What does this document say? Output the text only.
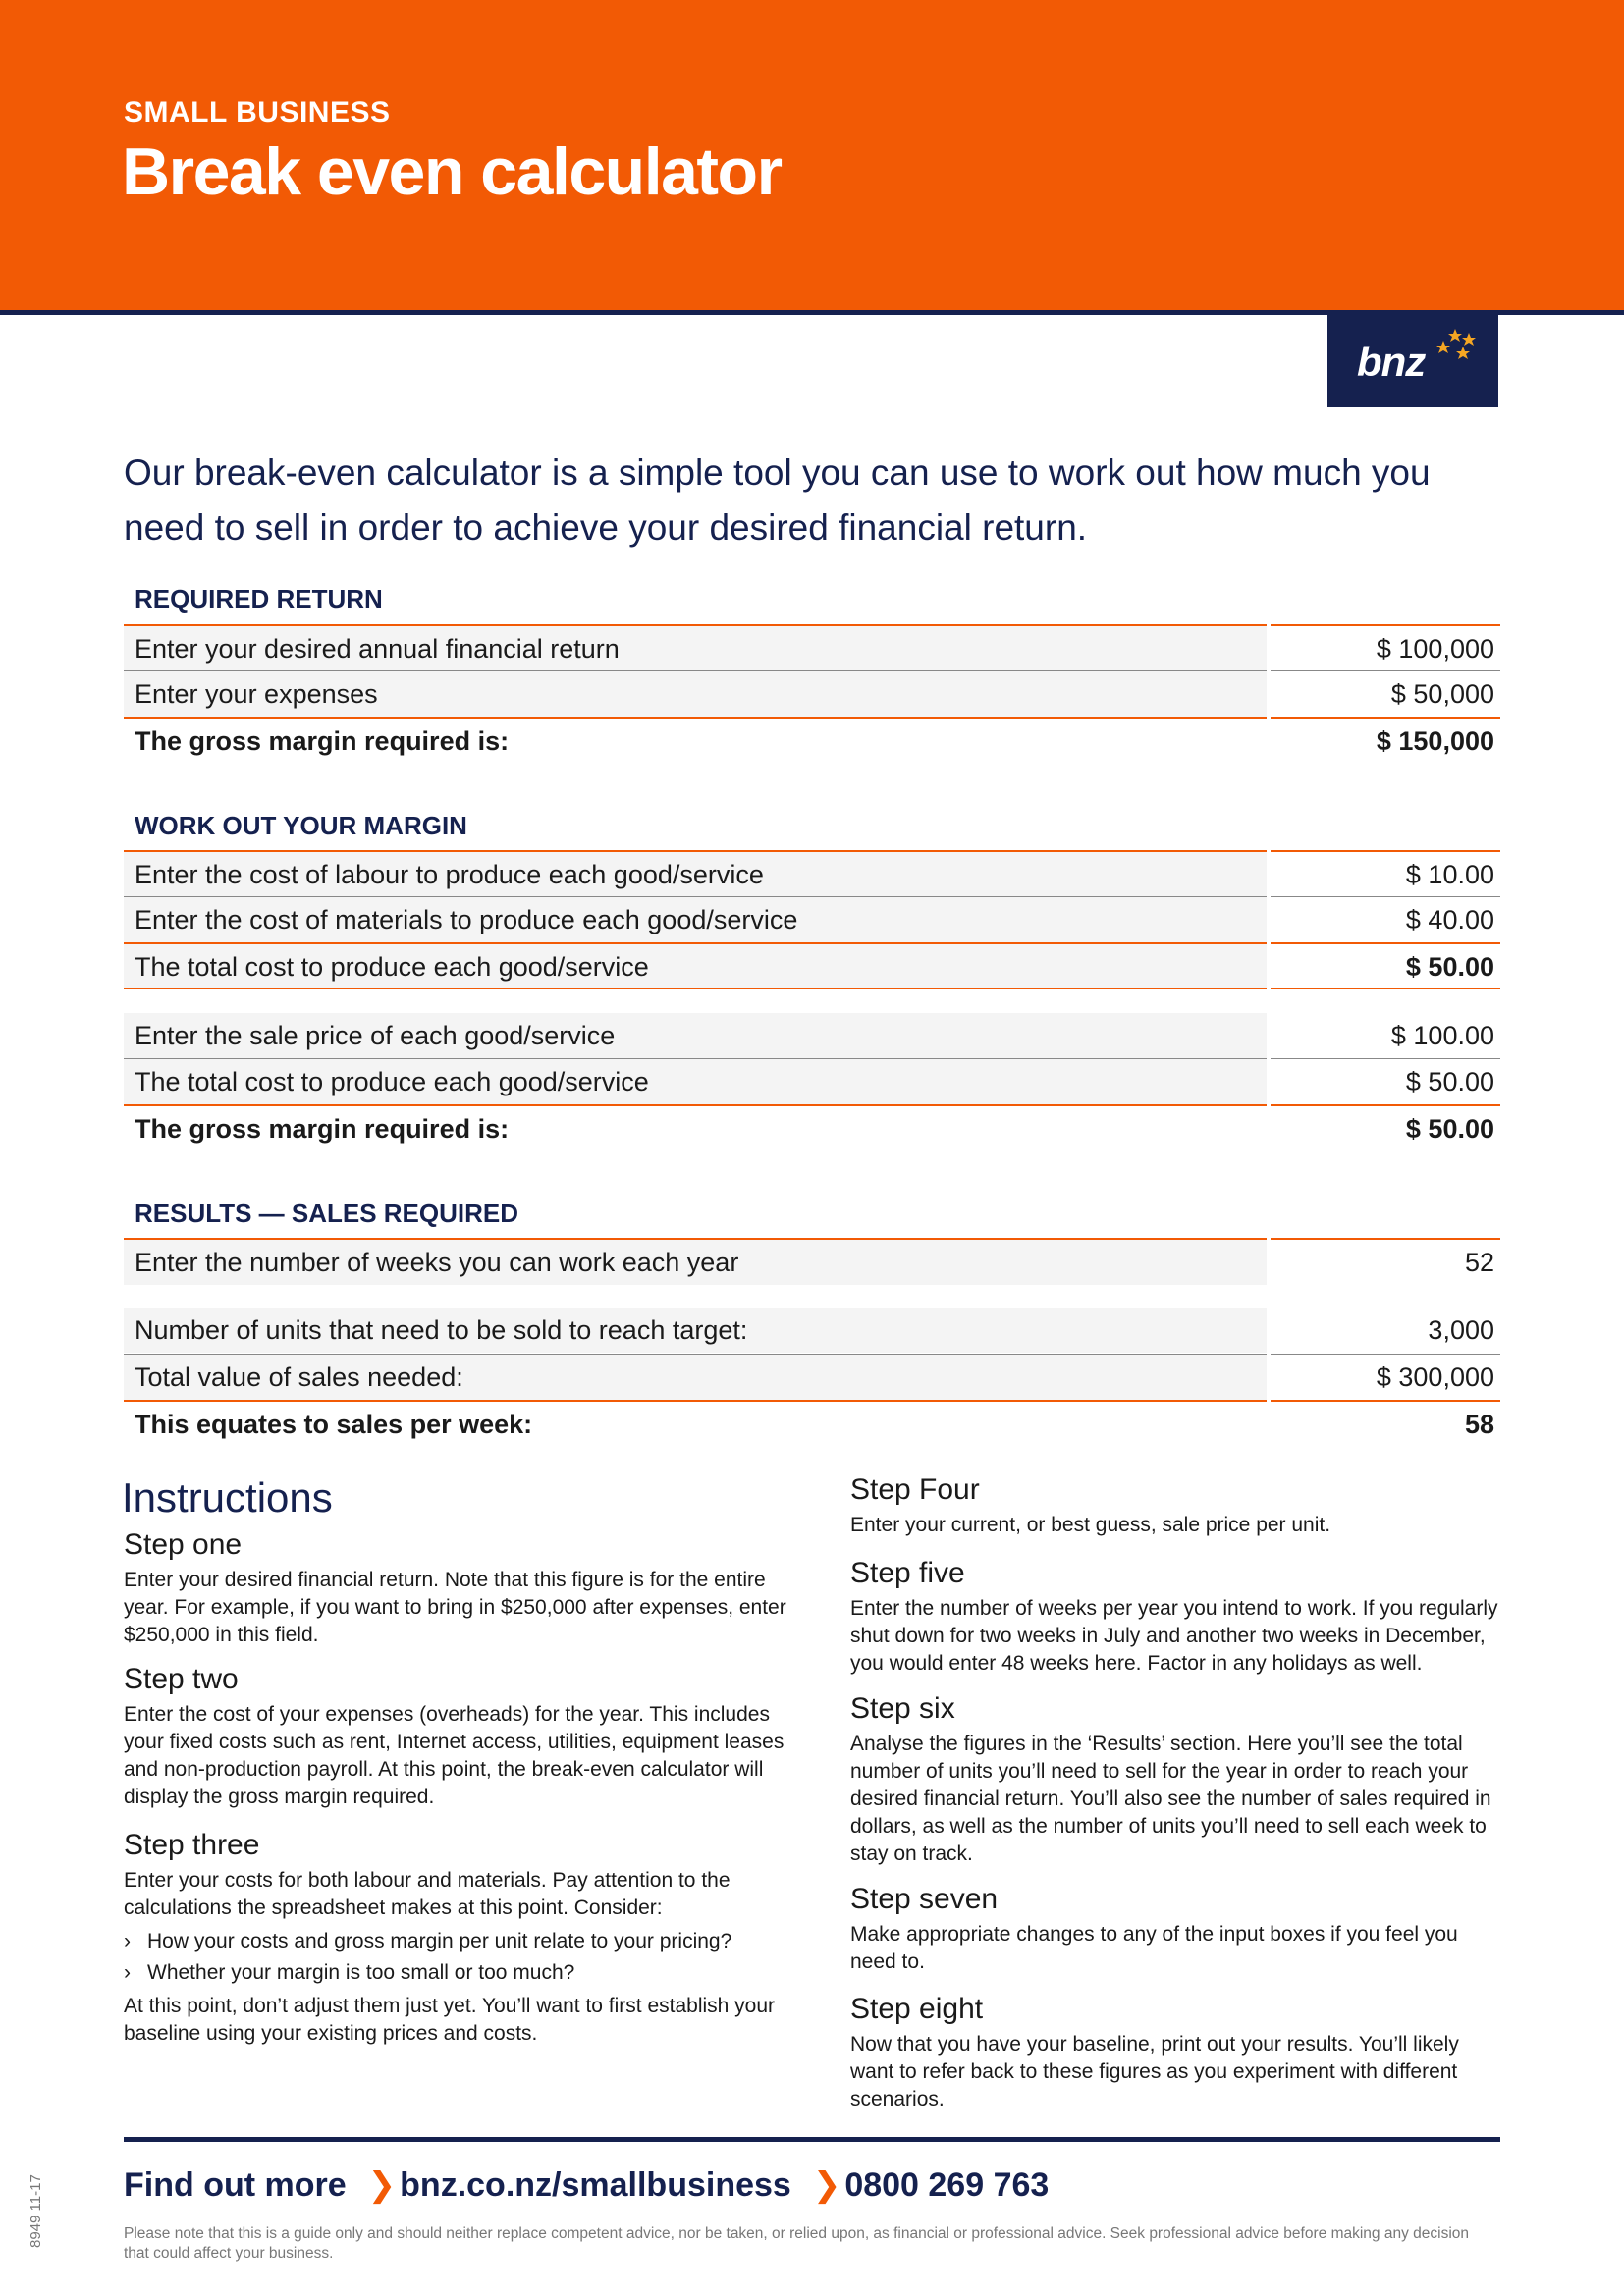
SMALL BUSINESS
Break even calculator
bnz
Our break-even calculator is a simple tool you can use to work out how much you need to sell in order to achieve your desired financial return.
REQUIRED RETURN
Enter your desired annual financial return	$ 100,000
Enter your expenses	$ 50,000
The gross margin required is:	$ 150,000
WORK OUT YOUR MARGIN
Enter the cost of labour to produce each good/service	$ 10.00
Enter the cost of materials to produce each good/service	$ 40.00
The total cost to produce each good/service	$ 50.00
Enter the sale price of each good/service	$ 100.00
The total cost to produce each good/service	$ 50.00
The gross margin required is:	$ 50.00
RESULTS — SALES REQUIRED
Enter the number of weeks you can work each year	52
Number of units that need to be sold to reach target:	3,000
Total value of sales needed:	$ 300,000
This equates to sales per week:	58
Instructions
Step one

Enter your desired financial return. Note that this figure is for the entire year. For example, if you want to bring in $250,000 after expenses, enter $250,000 in this field.

Step two

Enter the cost of your expenses (overheads) for the year. This includes your fixed costs such as rent, Internet access, utilities, equipment leases and non-production payroll. At this point, the break-even calculator will display the gross margin required.

Step three

Enter your costs for both labour and materials. Pay attention to the calculations the spreadsheet makes at this point. Consider:

› How your costs and gross margin per unit relate to your pricing?
› Whether your margin is too small or too much?

At this point, don’t adjust them just yet. You’ll want to first establish your baseline using your existing prices and costs.

Step Four

Enter your current, or best guess, sale price per unit.

Step five

Enter the number of weeks per year you intend to work. If you regularly shut down for two weeks in July and another two weeks in December, you would enter 48 weeks here. Factor in any holidays as well.

Step six

Analyse the figures in the ‘Results’ section. Here you’ll see the total number of units you’ll need to sell for the year in order to reach your desired financial return. You’ll also see the number of sales required in dollars, as well as the number of units you’ll need to sell each week to stay on track.

Step seven

Make appropriate changes to any of the input boxes if you feel you need to.

Step eight

Now that you have your baseline, print out your results. You’ll likely want to refer back to these figures as you experiment with different scenarios.

Find out more ❯ bnz.co.nz/smallbusiness ❯ 0800 269 763
Please note that this is a guide only and should neither replace competent advice, nor be taken, or relied upon, as financial or professional advice. Seek professional advice before making any decision that could affect your business.
8949 11-17
